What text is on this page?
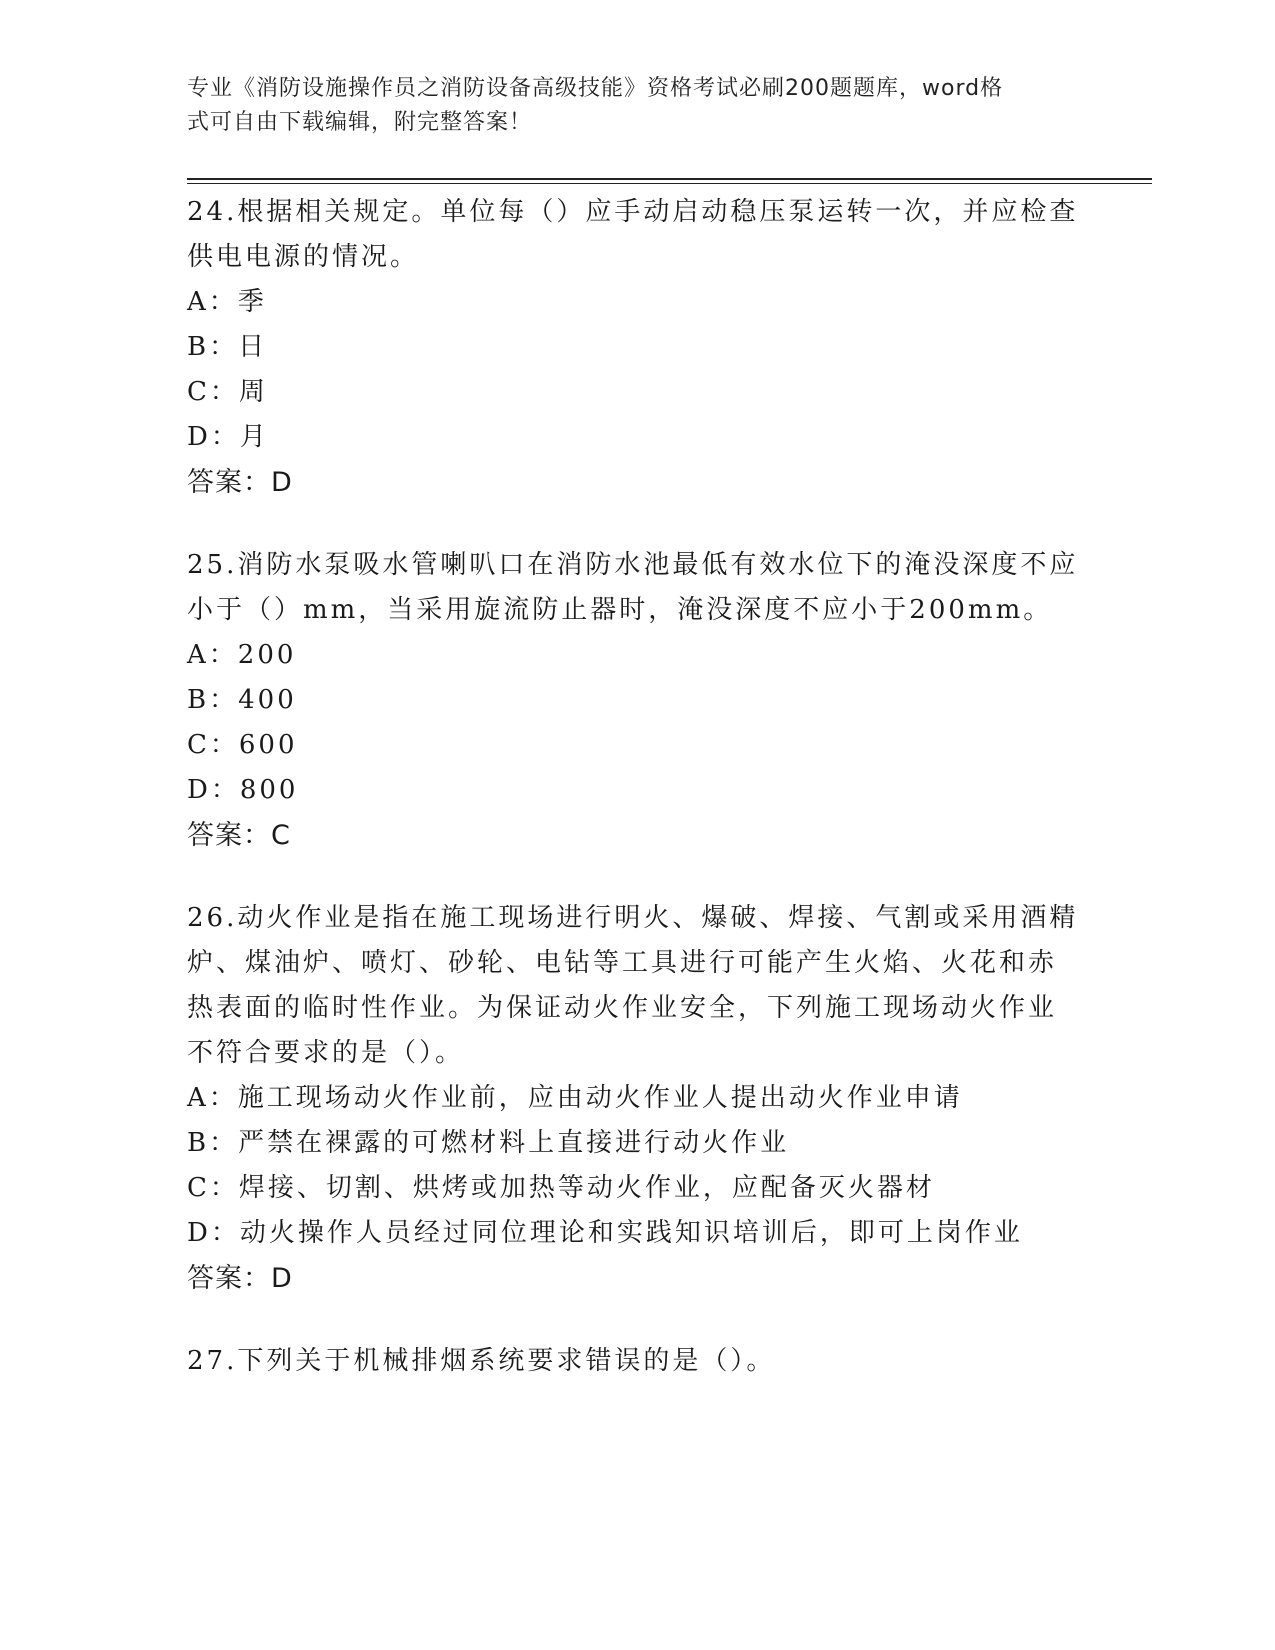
专业《消防设施操作员之消防设备高级技能》资格考试必刷200题题库，word格
式可自由下载编辑，附完整答案！
24.根据相关规定。单位每（）应手动启动稳压泵运转一次，并应检查
供电电源的情况。
A：季
B：日
C：周
D：月
答案：D
25.消防水泵吸水管喇叭口在消防水池最低有效水位下的淹没深度不应
小于（）mm，当采用旋流防止器时，淹没深度不应小于200mm。
A：200
B：400
C：600
D：800
答案：C
26.动火作业是指在施工现场进行明火、爆破、焊接、气割或采用酒精
炉、煤油炉、喷灯、砂轮、电钻等工具进行可能产生火焰、火花和赤
热表面的临时性作业。为保证动火作业安全，下列施工现场动火作业
不符合要求的是（）。
A：施工现场动火作业前，应由动火作业人提出动火作业申请
B：严禁在裸露的可燃材料上直接进行动火作业
C：焊接、切割、烘烤或加热等动火作业，应配备灭火器材
D：动火操作人员经过同位理论和实践知识培训后，即可上岗作业
答案：D
27.下列关于机械排烟系统要求错误的是（）。
